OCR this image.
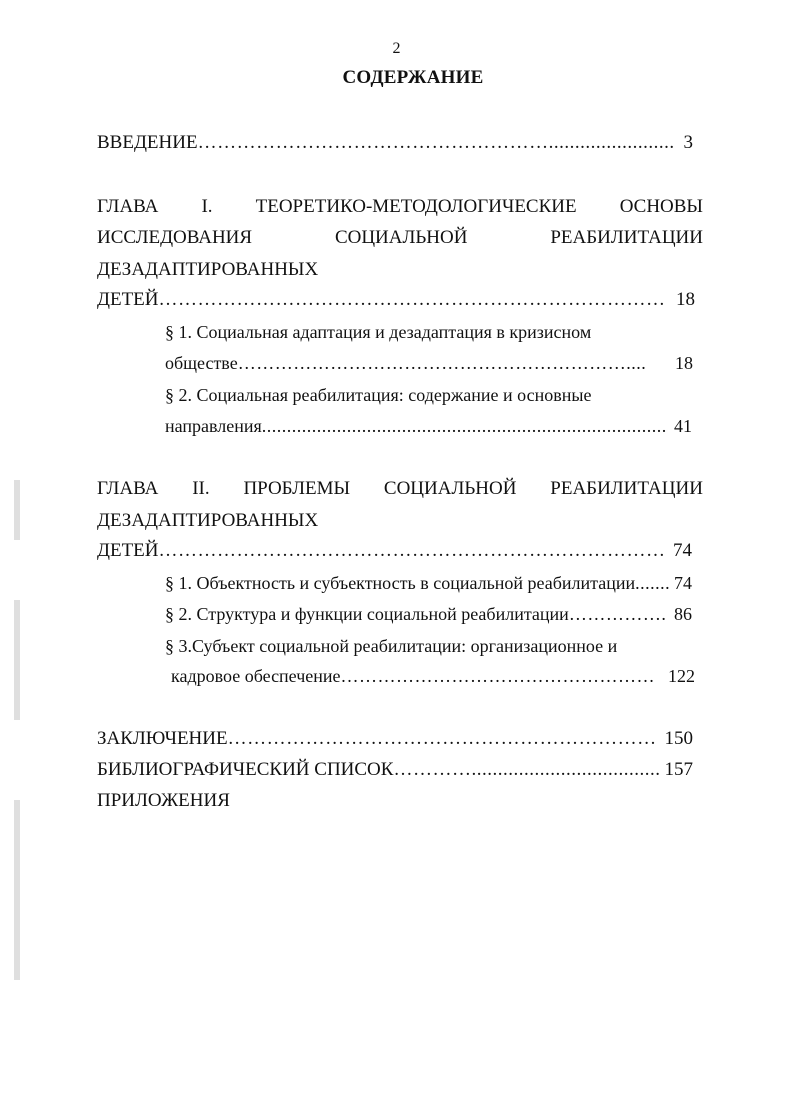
2
СОДЕРЖАНИЕ
ВВЕДЕНИЕ………………………………………………........................ 3
ГЛАВА I. ТЕОРЕТИКО-МЕТОДОЛОГИЧЕСКИЕ ОСНОВЫ
ИССЛЕДОВАНИЯ	СОЦИАЛЬНОЙ	РЕАБИЛИТАЦИИ
ДЕЗАДАПТИРОВАННЫХ
ДЕТЕЙ…………………………………………………………………… 18
§ 1. Социальная адаптация и дезадаптация в кризисном
обществе……………………………………………………….... 18
§ 2. Социальная реабилитация: содержание и основные
направления................................................................................. 41
ГЛАВА II. ПРОБЛЕМЫ СОЦИАЛЬНОЙ РЕАБИЛИТАЦИИ
ДЕЗАДАПТИРОВАННЫХ
ДЕТЕЙ…………………………………………………………………… 74
§ 1. Объектность и субъектность в социальной реабилитации....... 74
§ 2. Структура и функции социальной реабилитации……………. 86
§ 3.Субъект социальной реабилитации: организационное и
кадровое обеспечение…………………………………………… 122
ЗАКЛЮЧЕНИЕ………………………………………………………… 150
БИБЛИОГРАФИЧЕСКИЙ СПИСОК………….................................... 157
ПРИЛОЖЕНИЯ
